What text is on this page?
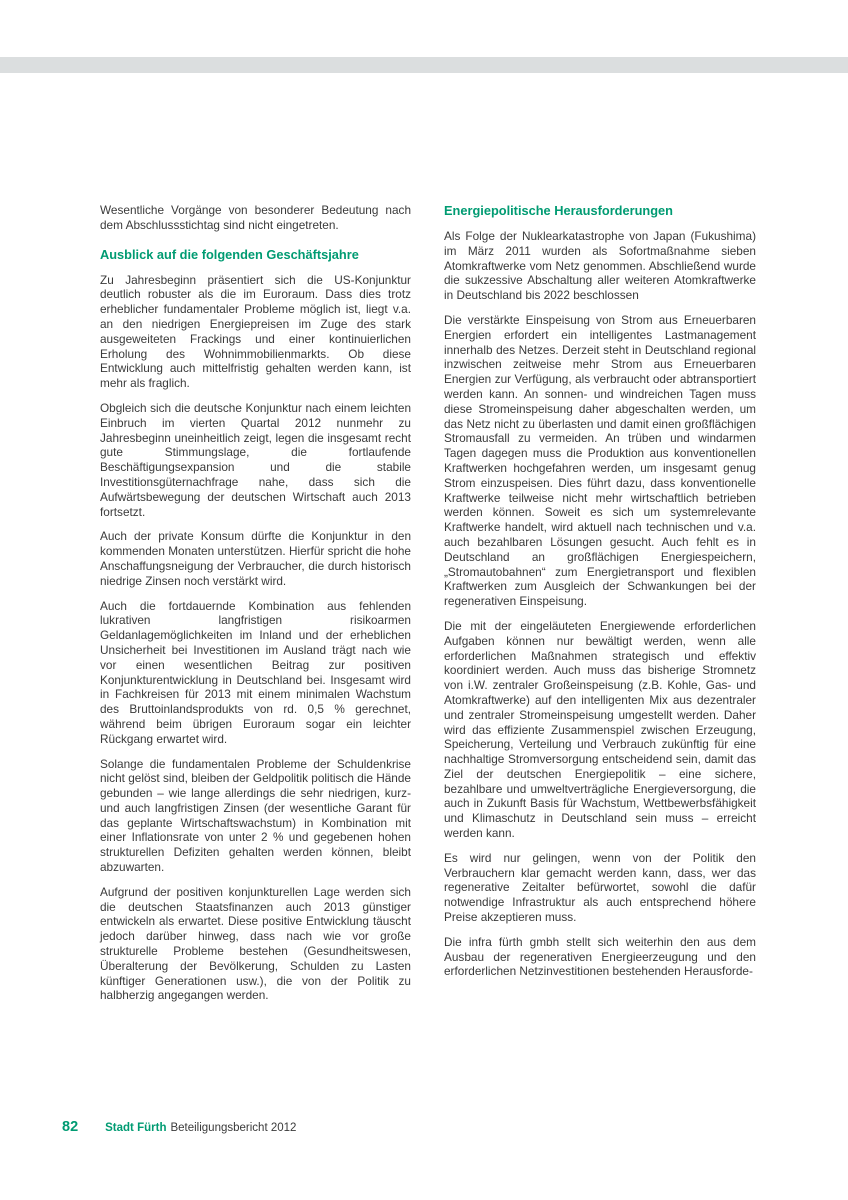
Wesentliche Vorgänge von besonderer Bedeutung nach dem Abschlussstichtag sind nicht eingetreten.

Ausblick auf die folgenden Geschäftsjahre

Zu Jahresbeginn präsentiert sich die US-Konjunktur deutlich robuster als die im Euroraum. Dass dies trotz erheblicher fundamentaler Probleme möglich ist, liegt v.a. an den niedrigen Energiepreisen im Zuge des stark ausgeweiteten Frackings und einer kontinuierlichen Erholung des Wohnimmobilienmarkts. Ob diese Entwicklung auch mittelfristig gehalten werden kann, ist mehr als fraglich.

Obgleich sich die deutsche Konjunktur nach einem leichten Einbruch im vierten Quartal 2012 nunmehr zu Jahresbeginn uneinheitlich zeigt, legen die insgesamt recht gute Stimmungslage, die fortlaufende Beschäftigungsexpansion und die stabile Investitionsgüternachfrage nahe, dass sich die Aufwärtsbewegung der deutschen Wirtschaft auch 2013 fortsetzt.

Auch der private Konsum dürfte die Konjunktur in den kommenden Monaten unterstützen. Hierfür spricht die hohe Anschaffungsneigung der Verbraucher, die durch historisch niedrige Zinsen noch verstärkt wird.

Auch die fortdauernde Kombination aus fehlenden lukrativen langfristigen risikoarmen Geldanlagemöglichkeiten im Inland und der erheblichen Unsicherheit bei Investitionen im Ausland trägt nach wie vor einen wesentlichen Beitrag zur positiven Konjunkturentwicklung in Deutschland bei. Insgesamt wird in Fachkreisen für 2013 mit einem minimalen Wachstum des Bruttoinlandsprodukts von rd. 0,5 % gerechnet, während beim übrigen Euroraum sogar ein leichter Rückgang erwartet wird.

Solange die fundamentalen Probleme der Schuldenkrise nicht gelöst sind, bleiben der Geldpolitik politisch die Hände gebunden – wie lange allerdings die sehr niedrigen, kurz- und auch langfristigen Zinsen (der wesentliche Garant für das geplante Wirtschaftswachstum) in Kombination mit einer Inflationsrate von unter 2 % und gegebenen hohen strukturellen Defiziten gehalten werden können, bleibt abzuwarten.

Aufgrund der positiven konjunkturellen Lage werden sich die deutschen Staatsfinanzen auch 2013 günstiger entwickeln als erwartet. Diese positive Entwicklung täuscht jedoch darüber hinweg, dass nach wie vor große strukturelle Probleme bestehen (Gesundheitswesen, Überalterung der Bevölkerung, Schulden zu Lasten künftiger Generationen usw.), die von der Politik zu halbherzig angegangen werden.

Energiepolitische Herausforderungen

Als Folge der Nuklearkatastrophe von Japan (Fukushima) im März 2011 wurden als Sofortmaßnahme sieben Atomkraftwerke vom Netz genommen. Abschließend wurde die sukzessive Abschaltung aller weiteren Atomkraftwerke in Deutschland bis 2022 beschlossen

Die verstärkte Einspeisung von Strom aus Erneuerbaren Energien erfordert ein intelligentes Lastmanagement innerhalb des Netzes. Derzeit steht in Deutschland regional inzwischen zeitweise mehr Strom aus Erneuerbaren Energien zur Verfügung, als verbraucht oder abtransportiert werden kann. An sonnen- und windreichen Tagen muss diese Stromeinspeisung daher abgeschalten werden, um das Netz nicht zu überlasten und damit einen großflächigen Stromausfall zu vermeiden. An trüben und windarmen Tagen dagegen muss die Produktion aus konventionellen Kraftwerken hochgefahren werden, um insgesamt genug Strom einzuspeisen. Dies führt dazu, dass konventionelle Kraftwerke teilweise nicht mehr wirtschaftlich betrieben werden können. Soweit es sich um systemrelevante Kraftwerke handelt, wird aktuell nach technischen und v.a. auch bezahlbaren Lösungen gesucht. Auch fehlt es in Deutschland an großflächigen Energiespeichern, „Stromautobahnen“ zum Energietransport und flexiblen Kraftwerken zum Ausgleich der Schwankungen bei der regenerativen Einspeisung.

Die mit der eingeläuteten Energiewende erforderlichen Aufgaben können nur bewältigt werden, wenn alle erforderlichen Maßnahmen strategisch und effektiv koordiniert werden. Auch muss das bisherige Stromnetz von i.W. zentraler Großeinspeisung (z.B. Kohle, Gas- und Atomkraftwerke) auf den intelligenten Mix aus dezentraler und zentraler Stromeinspeisung umgestellt werden. Daher wird das effiziente Zusammenspiel zwischen Erzeugung, Speicherung, Verteilung und Verbrauch zukünftig für eine nachhaltige Stromversorgung entscheidend sein, damit das Ziel der deutschen Energiepolitik – eine sichere, bezahlbare und umweltverträgliche Energieversorgung, die auch in Zukunft Basis für Wachstum, Wettbewerbsfähigkeit und Klimaschutz in Deutschland sein muss – erreicht werden kann.

Es wird nur gelingen, wenn von der Politik den Verbrauchern klar gemacht werden kann, dass, wer das regenerative Zeitalter befürwortet, sowohl die dafür notwendige Infrastruktur als auch entsprechend höhere Preise akzeptieren muss.

Die infra fürth gmbh stellt sich weiterhin den aus dem Ausbau der regenerativen Energieerzeugung und den erforderlichen Netzinvestitionen bestehenden Herausforde-

82 Stadt Fürth Beteiligungsbericht 2012
